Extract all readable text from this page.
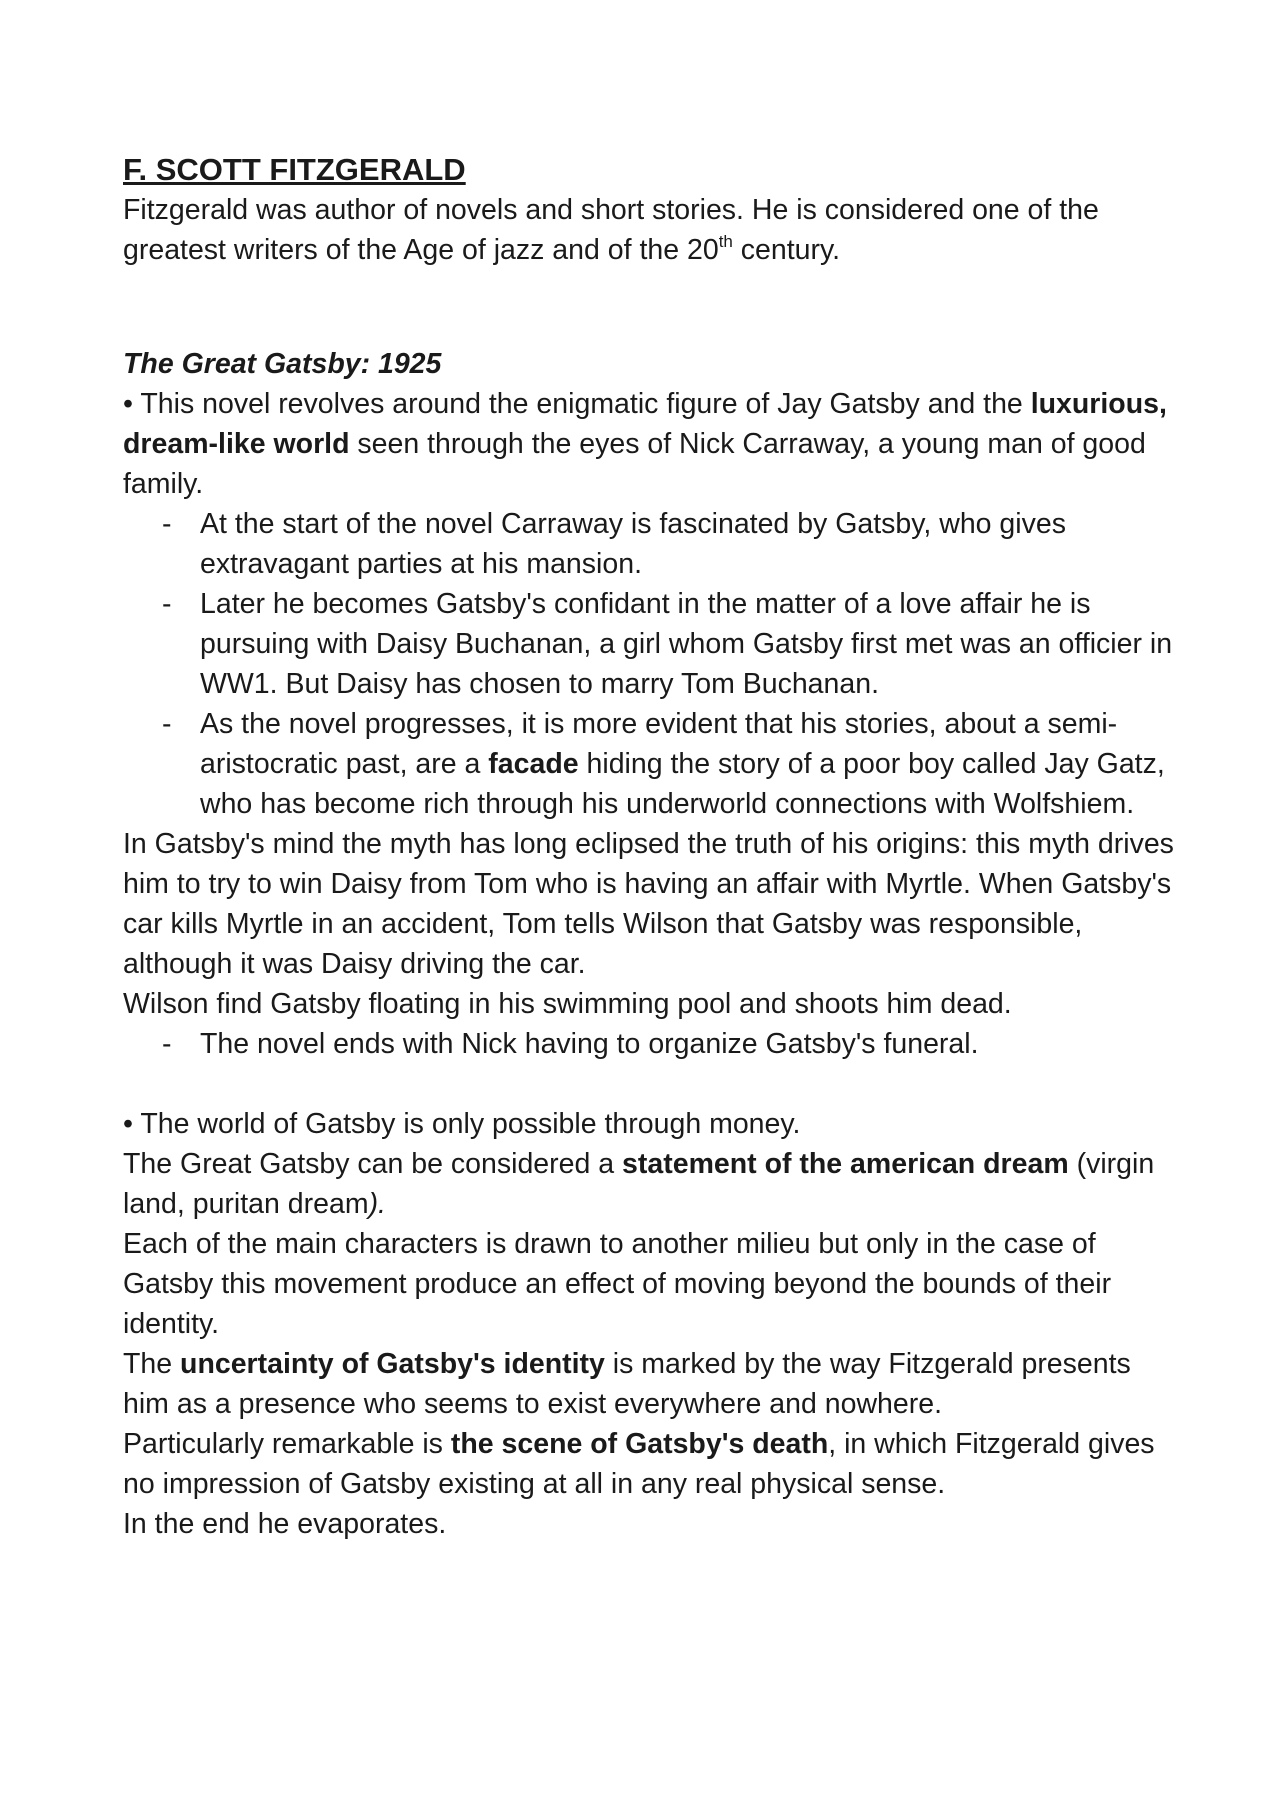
F. SCOTT FITZGERALD

Fitzgerald was author of novels and short stories. He is considered one of the greatest writers of the Age of jazz and of the 20th century.

The Great Gatsby: 1925

• This novel revolves around the enigmatic figure of Jay Gatsby and the luxurious, dream-like world seen through the eyes of Nick Carraway, a young man of good family.

- At the start of the novel Carraway is fascinated by Gatsby, who gives extravagant parties at his mansion.
- Later he becomes Gatsby's confidant in the matter of a love affair he is pursuing with Daisy Buchanan, a girl whom Gatsby first met was an officier in WW1. But Daisy has chosen to marry Tom Buchanan.
- As the novel progresses, it is more evident that his stories, about a semi-aristocratic past, are a facade hiding the story of a poor boy called Jay Gatz, who has become rich through his underworld connections with Wolfshiem.

In Gatsby's mind the myth has long eclipsed the truth of his origins: this myth drives him to try to win Daisy from Tom who is having an affair with Myrtle. When Gatsby's car kills Myrtle in an accident, Tom tells Wilson that Gatsby was responsible, although it was Daisy driving the car.

Wilson find Gatsby floating in his swimming pool and shoots him dead.

- The novel ends with Nick having to organize Gatsby's funeral.

• The world of Gatsby is only possible through money.

The Great Gatsby can be considered a statement of the american dream (virgin land, puritan dream).

Each of the main characters is drawn to another milieu but only in the case of Gatsby this movement produce an effect of moving beyond the bounds of their identity.

The uncertainty of Gatsby's identity is marked by the way Fitzgerald presents him as a presence who seems to exist everywhere and nowhere.

Particularly remarkable is the scene of Gatsby's death, in which Fitzgerald gives no impression of Gatsby existing at all in any real physical sense.

In the end he evaporates.
